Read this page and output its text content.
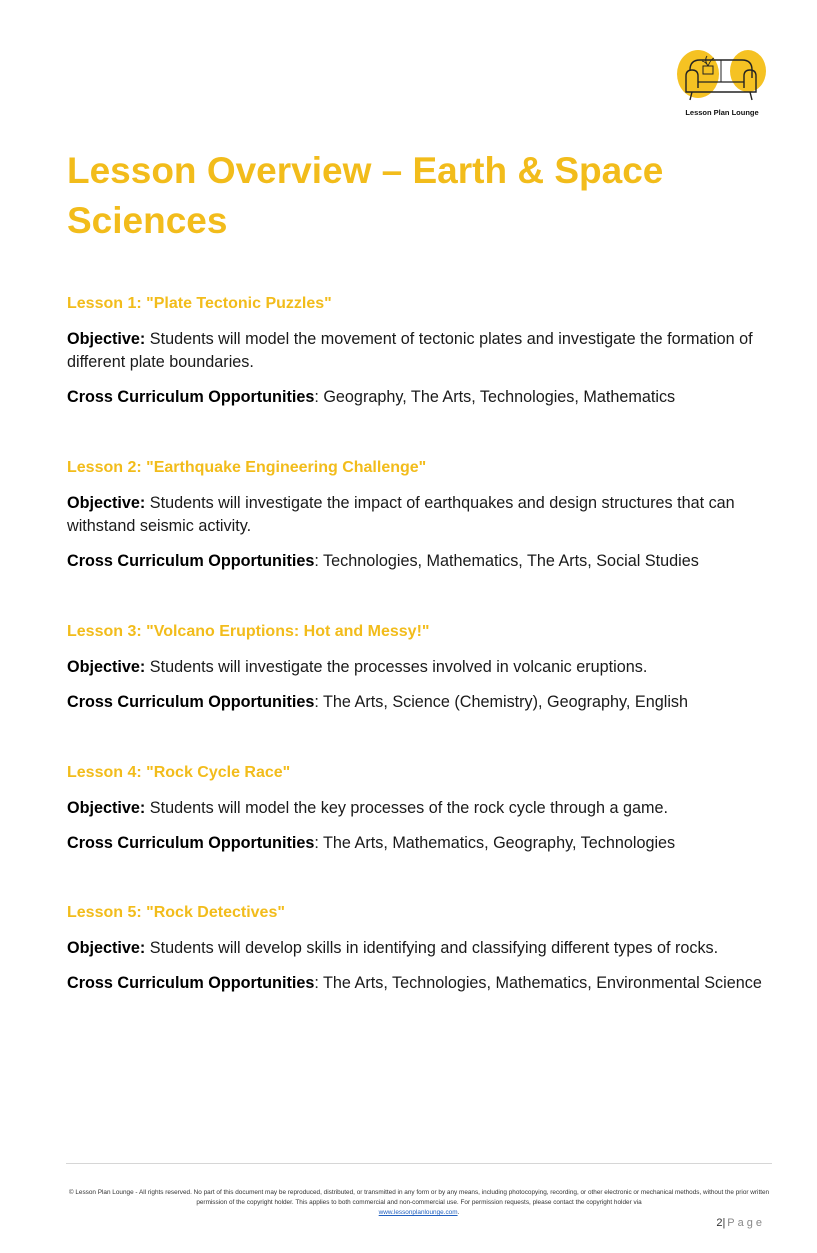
Lesson Plan Lounge
Lesson Overview – Earth & Space Sciences
Lesson 1: "Plate Tectonic Puzzles"

Objective: Students will model the movement of tectonic plates and investigate the formation of different plate boundaries.

Cross Curriculum Opportunities: Geography, The Arts, Technologies, Mathematics

Lesson 2: "Earthquake Engineering Challenge"

Objective: Students will investigate the impact of earthquakes and design structures that can withstand seismic activity.

Cross Curriculum Opportunities: Technologies, Mathematics, The Arts, Social Studies

Lesson 3: "Volcano Eruptions: Hot and Messy!"

Objective: Students will investigate the processes involved in volcanic eruptions.

Cross Curriculum Opportunities: The Arts, Science (Chemistry), Geography, English

Lesson 4: "Rock Cycle Race"

Objective: Students will model the key processes of the rock cycle through a game.

Cross Curriculum Opportunities: The Arts, Mathematics, Geography, Technologies

Lesson 5: "Rock Detectives"

Objective: Students will develop skills in identifying and classifying different types of rocks.

Cross Curriculum Opportunities: The Arts, Technologies, Mathematics, Environmental Science

© Lesson Plan Lounge - All rights reserved. No part of this document may be reproduced, distributed, or transmitted in any form or by any means, including photocopying, recording, or other electronic or mechanical methods, without the prior written permission of the copyright holder. This applies to both commercial and non-commercial use. For permission requests, please contact the copyright holder via
www.lessonplanlounge.com.
2| Page
